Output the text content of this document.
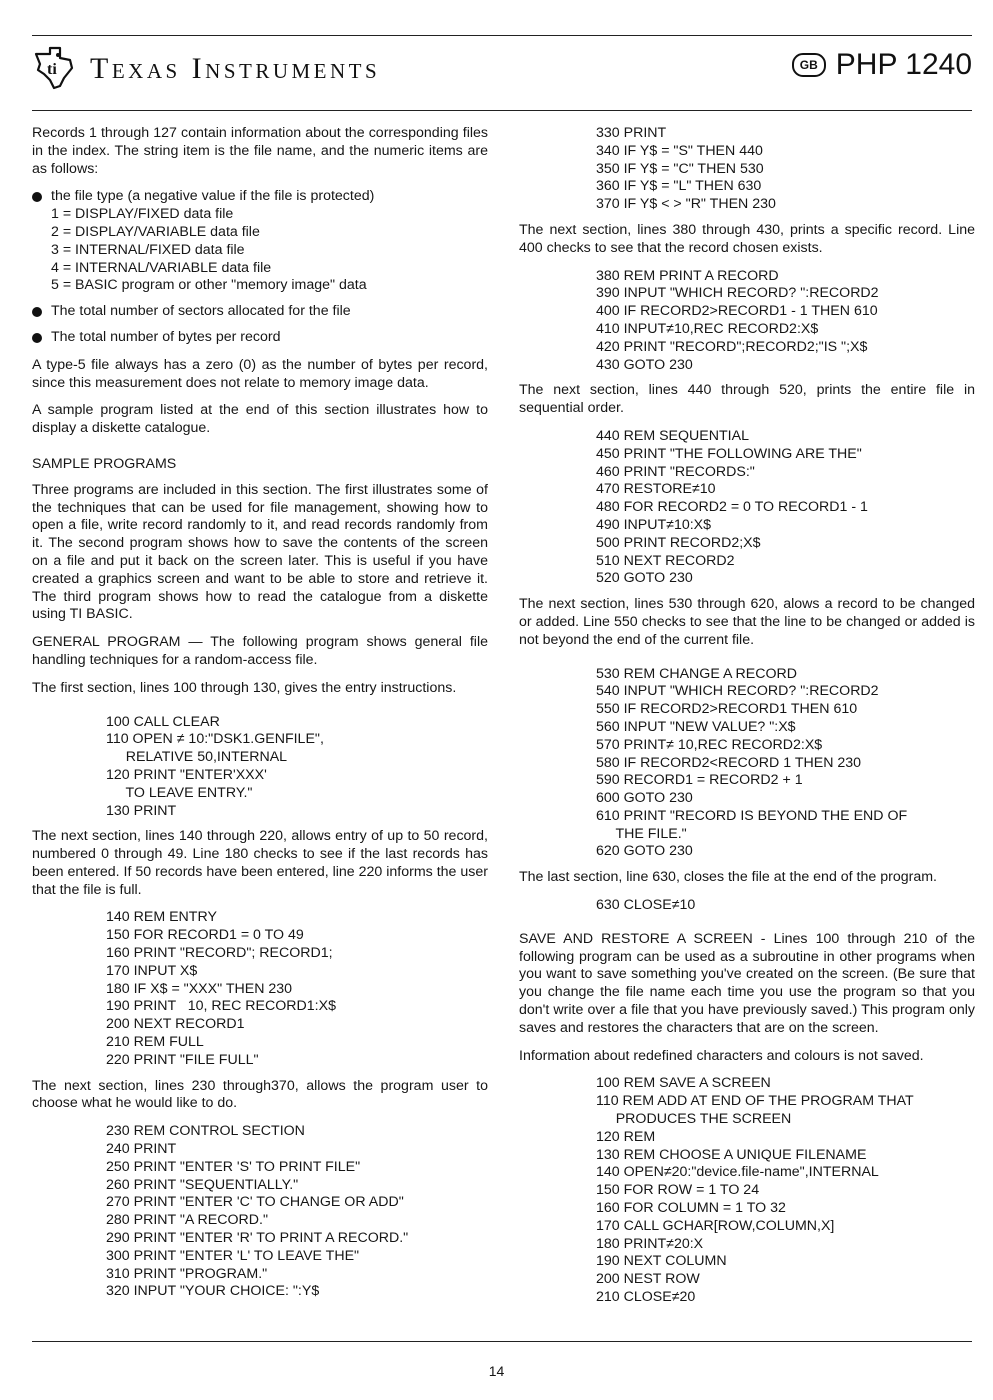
ti Texas Instruments	GB PHP 1240

Records 1 through 127 contain information about the corresponding files in the index. The string item is the file name, and the numeric items are as follows:

the file type (a negative value if the file is protected)
1 = DISPLAY/FIXED data file
2 = DISPLAY/VARIABLE data file
3 = INTERNAL/FIXED data file
4 = INTERNAL/VARIABLE data file
5 = BASIC program or other "memory image" data
The total number of sectors allocated for the file
The total number of bytes per record

A type-5 file always has a zero (0) as the number of bytes per record, since this measurement does not relate to memory image data.

A sample program listed at the end of this section illustrates how to display a diskette catalogue.

SAMPLE PROGRAMS

Three programs are included in this section. The first illustrates some of the techniques that can be used for file management, showing how to open a file, write record randomly to it, and read records randomly from it. The second program shows how to save the contents of the screen on a file and put it back on the screen later. This is useful if you have created a graphics screen and want to be able to store and retrieve it. The third program shows how to read the catalogue from a diskette using TI BASIC.

GENERAL PROGRAM — The following program shows general file handling techniques for a random-access file.

The first section, lines 100 through 130, gives the entry instructions.

100 CALL CLEAR
110 OPEN ≠ 10:"DSK1.GENFILE",
RELATIVE 50,INTERNAL
120 PRINT "ENTER'XXX'
TO LEAVE ENTRY."
130 PRINT

The next section, lines 140 through 220, allows entry of up to 50 record, numbered 0 through 49. Line 180 checks to see if the last records has been entered. If 50 records have been entered, line 220 informs the user that the file is full.

140 REM ENTRY
150 FOR RECORD1 = 0 TO 49
160 PRINT "RECORD"; RECORD1;
170 INPUT X$
180 IF X$ = "XXX" THEN 230
190 PRINT   10, REC RECORD1:X$
200 NEXT RECORD1
210 REM FULL
220 PRINT "FILE FULL"

The next section, lines 230 through370, allows the program user to choose what he would like to do.

230 REM CONTROL SECTION
240 PRINT
250 PRINT "ENTER 'S' TO PRINT FILE"
260 PRINT "SEQUENTIALLY."
270 PRINT "ENTER 'C' TO CHANGE OR ADD"
280 PRINT "A RECORD."
290 PRINT "ENTER 'R' TO PRINT A RECORD."
300 PRINT "ENTER 'L' TO LEAVE THE"
310 PRINT "PROGRAM."
320 INPUT "YOUR CHOICE: ":Y$
330 PRINT
340 IF Y$ = "S" THEN 440
350 IF Y$ = "C" THEN 530
360 IF Y$ = "L" THEN 630
370 IF Y$ < > "R" THEN 230

The next section, lines 380 through 430, prints a specific record. Line 400 checks to see that the record chosen exists.

380 REM PRINT A RECORD
390 INPUT "WHICH RECORD? ":RECORD2
400 IF RECORD2>RECORD1 - 1 THEN 610
410 INPUT≠10,REC RECORD2:X$
420 PRINT "RECORD";RECORD2;"IS ";X$
430 GOTO 230

The next section, lines 440 through 520, prints the entire file in sequential order.

440 REM SEQUENTIAL
450 PRINT "THE FOLLOWING ARE THE"
460 PRINT "RECORDS:"
470 RESTORE≠10
480 FOR RECORD2 = 0 TO RECORD1 - 1
490 INPUT≠10:X$
500 PRINT RECORD2;X$
510 NEXT RECORD2
520 GOTO 230

The next section, lines 530 through 620, alows a record to be changed or added. Line 550 checks to see that the line to be changed or added is not beyond the end of the current file.

530 REM CHANGE A RECORD
540 INPUT "WHICH RECORD? ":RECORD2
550 IF RECORD2>RECORD1 THEN 610
560 INPUT "NEW VALUE? ":X$
570 PRINT≠ 10,REC RECORD2:X$
580 IF RECORD2<RECORD 1 THEN 230
590 RECORD1 = RECORD2 + 1
600 GOTO 230
610 PRINT "RECORD IS BEYOND THE END OF
THE FILE."
620 GOTO 230

The last section, line 630, closes the file at the end of the program.

630 CLOSE≠10

SAVE AND RESTORE A SCREEN - Lines 100 through 210 of the following program can be used as a subroutine in other programs when you want to save something you've created on the screen. (Be sure that you change the file name each time you use the program so that you don't write over a file that you have previously saved.) This program only saves and restores the characters that are on the screen.

Information about redefined characters and colours is not saved.

100 REM SAVE A SCREEN
110 REM ADD AT END OF THE PROGRAM THAT
PRODUCES THE SCREEN
120 REM
130 REM CHOOSE A UNIQUE FILENAME
140 OPEN≠20:"device.file-name",INTERNAL
150 FOR ROW = 1 TO 24
160 FOR COLUMN = 1 TO 32
170 CALL GCHAR[ROW,COLUMN,X]
180 PRINT≠20:X
190 NEXT COLUMN
200 NEST ROW
210 CLOSE≠20
14
